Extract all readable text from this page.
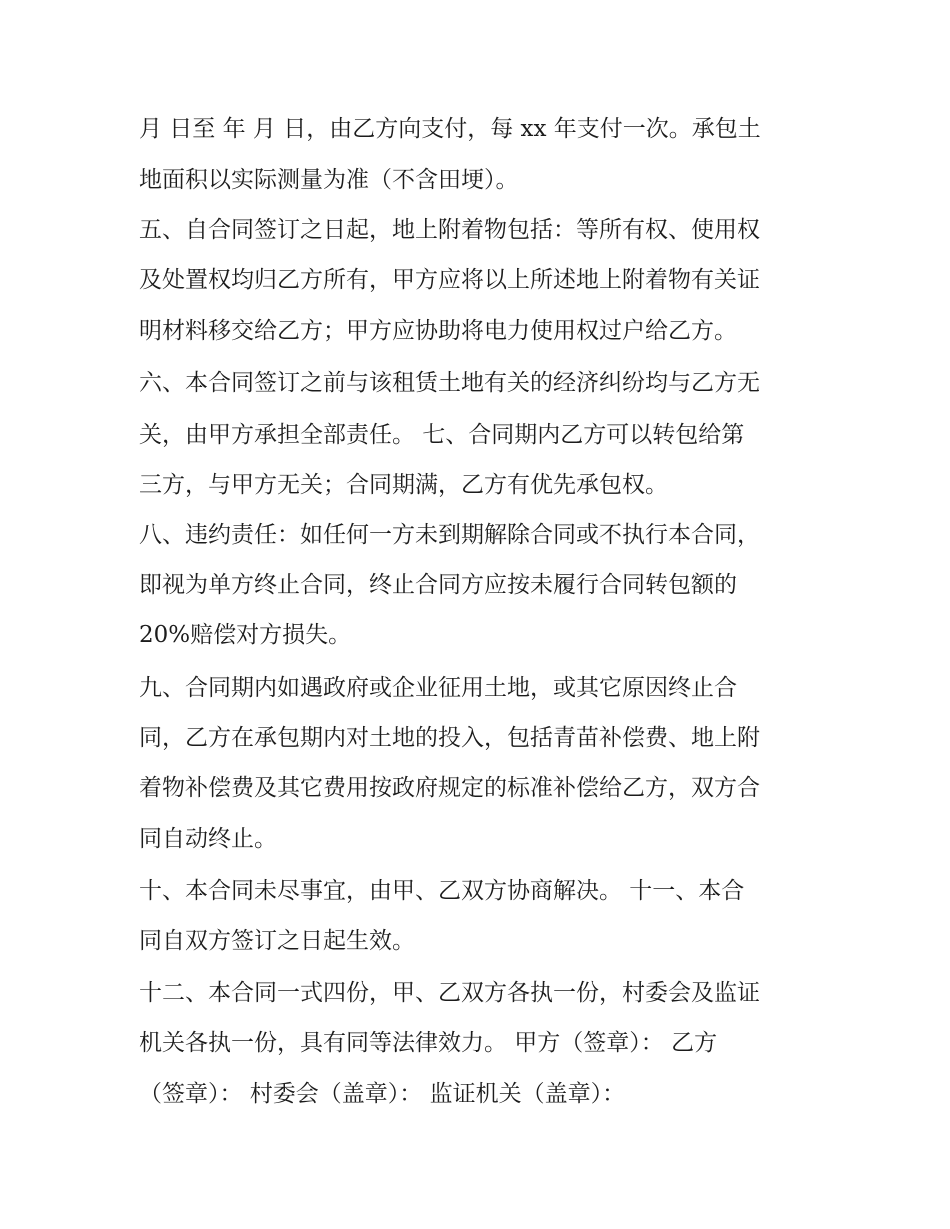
月 日至 年 月 日，由乙方向支付，每 xx 年支付一次。承包土
地面积以实际测量为准（不含田埂）。
五、自合同签订之日起，地上附着物包括：等所有权、使用权
及处置权均归乙方所有，甲方应将以上所述地上附着物有关证
明材料移交给乙方；甲方应协助将电力使用权过户给乙方。
六、本合同签订之前与该租赁土地有关的经济纠纷均与乙方无
关，由甲方承担全部责任。 七、合同期内乙方可以转包给第
三方，与甲方无关；合同期满，乙方有优先承包权。
八、违约责任：如任何一方未到期解除合同或不执行本合同，
即视为单方终止合同，终止合同方应按未履行合同转包额的
20%赔偿对方损失。
九、合同期内如遇政府或企业征用土地，或其它原因终止合
同，乙方在承包期内对土地的投入，包括青苗补偿费、地上附
着物补偿费及其它费用按政府规定的标准补偿给乙方，双方合
同自动终止。
十、本合同未尽事宜，由甲、乙双方协商解决。 十一、本合
同自双方签订之日起生效。
十二、本合同一式四份，甲、乙双方各执一份，村委会及监证
机关各执一份，具有同等法律效力。 甲方（签章）： 乙方
（签章）： 村委会（盖章）： 监证机关（盖章）：
